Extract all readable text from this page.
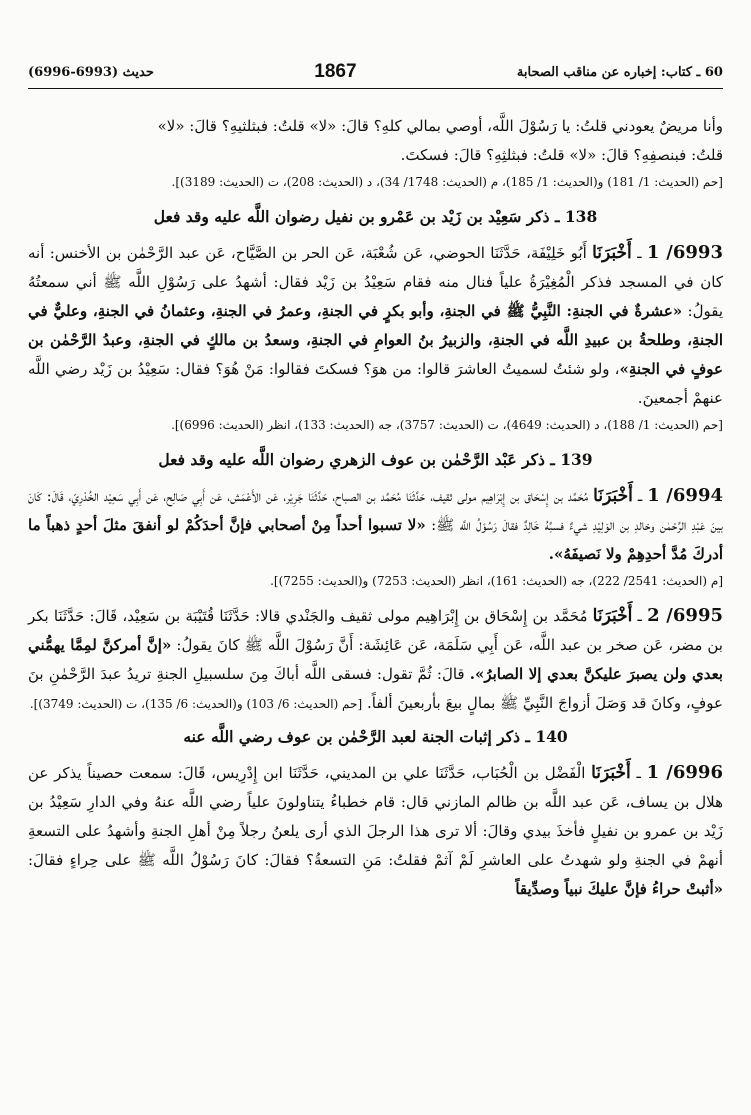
حديث (6993-6996)	1867	60 ـ كتاب: إخباره عن مناقب الصحابة

وأنا مريضٌ يعودني قلتُ: يا رَسُوْلَ اللَّه، أوصي بمالي كلهِ؟ قالَ: «لا» قلتُ: فبثلثيهِ؟ قالَ: «لا»

قلتُ: فبنصفِهِ؟ قالَ: «لا» قلتُ: فبثلثِهِ؟ قالَ: فسكتَ.

[حم (الحديث: 1/ 181) و(الحديث: 1/ 185)، م (الحديث: 1748/ 34)، د (الحديث: 208)، ت (الحديث: 3189)].

138 ـ ذكر سَعِيْد بن زَيْد بن عَمْرو بن نفيل رضوان اللَّه عليه وقد فعل

6993/ 1 ـ أَخْبَرَنَا أَبُو خَلِيْفَة، حَدَّثَنَا الحوضي، عَن شُعْبَة، عَن الحر بن الصَّيَّاح، عَن عبد الرَّحْمٰن بن الأخنس: أنه كان في المسجد فذكر الْمُغِيْرَةُ علياً فنال منه فقام سَعِيْدُ بن زَيْد فقال: أشهدُ على رَسُوْلِ اللَّه ﷺ أني سمعتُهُ يقولُ: «عشرةٌ في الجنةِ: النَّبِيُّ ﷺ في الجنةِ، وأبو بكرٍ في الجنةِ، وعمرُ في الجنةِ، وعثمانُ في الجنةِ، وعليٌّ في الجنةِ، وطلحةُ بن عبيدِ اللَّه في الجنةِ، والزبيرُ بنُ العوامِ في الجنةِ، وسعدُ بن مالكٍ في الجنةِ، وعبدُ الرَّحْمٰن بن عوفٍ في الجنةِ»، ولو شئتُ لسميتُ العاشرَ قالوا: من هوَ؟ فسكتَ فقالوا: مَنْ هُوَ؟ فقال: سَعِيْدُ بن زَيْد رضي اللَّه عنهمْ أجمعينَ.

[حم (الحديث: 1/ 188)، د (الحديث: 4649)، ت (الحديث: 3757)، جه (الحديث: 133)، انظر (الحديث: 6996)].

139 ـ ذكر عَبْد الرَّحْمٰن بن عوف الزهري رضوان اللَّه عليه وقد فعل

6994/ 1 ـ أَخْبَرَنَا مُحَمَّد بن إِسْحَاق بن إِبْرَاهِيم مولى ثقيف، حَدَّثَنَا مُحَمَّد بن الصباح، حَدَّثَنَا جَرِيْر، عَن الأَعْمَش، عَن أَبِي صَالِح، عَن أَبِي سَعِيْد الخُدْرِيّ، قَالَ: كَانَ بينَ عَبْدِ الرَّحْمٰن وخالدِ بن الوَلِيْدِ شيءٌ فسبَّهُ خَالِدٌ فقالَ رَسُوْلُ اللَّه ﷺ: «لا تسبوا أحداً مِنْ أصحابي فإنَّ أحدَكُمْ لو أنفقَ مثلَ أحدٍ ذهباً ما أدركَ مُدَّ أحدِهِمْ ولا نَصيفَهُ».

[م (الحديث: 2541/ 222)، جه (الحديث: 161)، انظر (الحديث: 7253) و(الحديث: 7255)].

6995/ 2 ـ أَخْبَرَنَا مُحَمَّد بن إِسْحَاق بن إِبْرَاهِيم مولى ثقيف والجَنْدي قالا: حَدَّثَنَا قُتَيْبَة بن سَعِيْد، قَالَ: حَدَّثَنَا بكر بن مضر، عَن صخر بن عبد اللَّه، عَن أَبِي سَلَمَة، عَن عَائِشَة: أَنَّ رَسُوْلَ اللَّه ﷺ كانَ يقولُ: «إنَّ أمركنَّ لمِمَّا يهمُّني بعدي ولن يصبرَ عليكنَّ بعدي إلا الصابرُ». قالَ: ثُمَّ تقول: فسقى اللَّه أباكَ مِنَ سلسبيلِ الجنةِ تريدُ عبدَ الرَّحْمٰنِ بنَ عوفٍ، وكانَ قد وَصَلَ أزواجَ النَّبِيِّ ﷺ بمالٍ بيعَ بأربعينَ ألفاً. [حم (الحديث: 6/ 103) و(الحديث: 6/ 135)، ت (الحديث: 3749)].

140 ـ ذكر إثبات الجنة لعبد الرَّحْمٰن بن عوف رضي اللَّه عنه

6996/ 1 ـ أَخْبَرَنَا الْفَضْل بن الْحُبَاب، حَدَّثَنَا علي بن المديني، حَدَّثَنَا ابن إِدْرِيس، قَالَ: سمعت حصيناً يذكر عن هلال بن يساف، عَن عبد اللَّه بن ظالم المازني قال: قام خطباءُ يتناولونَ علياً رضي اللَّه عنهُ وفي الدارِ سَعِيْدُ بن زَيْد بن عمرو بن نفيلٍ فأخذَ بيدي وقالَ: ألا ترى هذا الرجلَ الذي أرى يلعنُ رجلاً مِنْ أهلِ الجنةِ وأشهدُ على التسعةِ أنهمْ في الجنةِ ولو شهدتُ على العاشرِ لَمْ آثمْ فقلتُ: مَنِ التسعةُ؟ فقالَ: كانَ رَسُوْلُ اللَّه ﷺ على حِراءٍ فقالَ: «أثبتْ حراءُ فإنَّ عليكَ نبياً وصدِّيقاً
